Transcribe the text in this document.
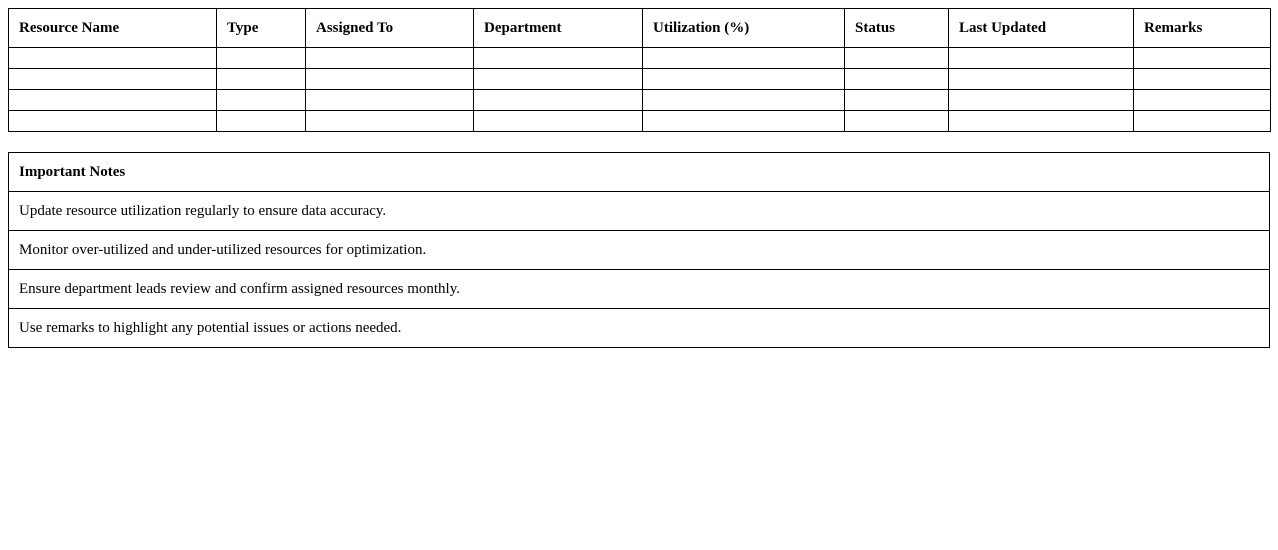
Resource Name	Type	Assigned To	Department	Utilization (%)	Status	Last Updated	Remarks

Important Notes
Update resource utilization regularly to ensure data accuracy.
Monitor over-utilized and under-utilized resources for optimization.
Ensure department leads review and confirm assigned resources monthly.
Use remarks to highlight any potential issues or actions needed.
